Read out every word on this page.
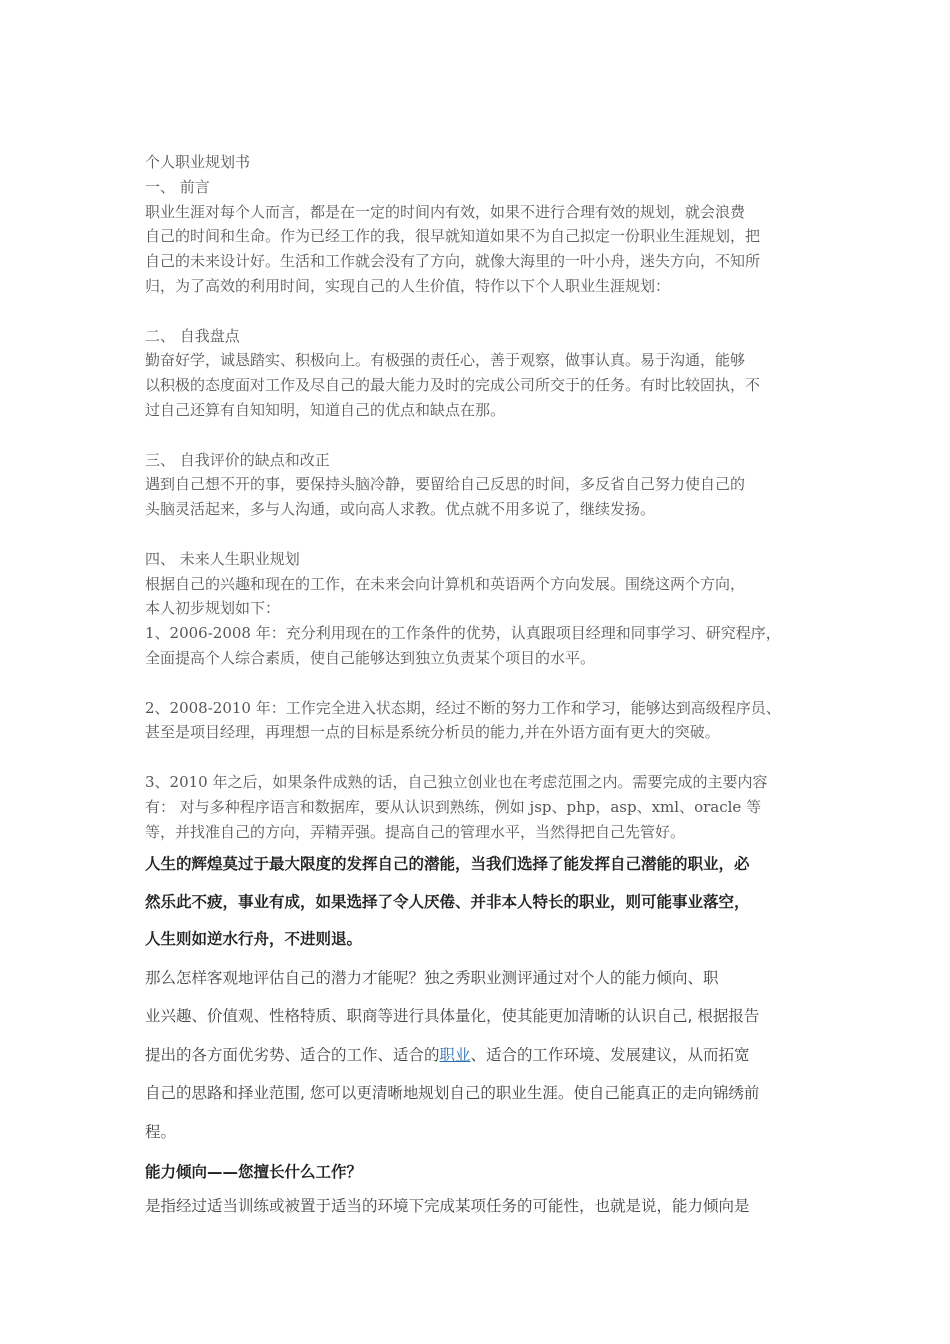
个人职业规划书

一、 前言

职业生涯对每个人而言，都是在一定的时间内有效，如果不进行合理有效的规划，就会浪费

自己的时间和生命。作为已经工作的我，很早就知道如果不为自己拟定一份职业生涯规划，把

自己的未来设计好。生活和工作就会没有了方向，就像大海里的一叶小舟，迷失方向，不知所

归，为了高效的利用时间，实现自己的人生价值，特作以下个人职业生涯规划：

二、 自我盘点

勤奋好学，诚恳踏实、积极向上。有极强的责任心，善于观察，做事认真。易于沟通，能够

以积极的态度面对工作及尽自己的最大能力及时的完成公司所交于的任务。有时比较固执，不

过自己还算有自知知明，知道自己的优点和缺点在那。

三、 自我评价的缺点和改正

遇到自己想不开的事，要保持头脑冷静，要留给自己反思的时间，多反省自己努力使自己的

头脑灵活起来，多与人沟通，或向高人求教。优点就不用多说了，继续发扬。

四、 未来人生职业规划

根据自己的兴趣和现在的工作，在未来会向计算机和英语两个方向发展。围绕这两个方向，

本人初步规划如下：

1、2006-2008 年：充分利用现在的工作条件的优势，认真跟项目经理和同事学习、研究程序，

全面提高个人综合素质，使自己能够达到独立负责某个项目的水平。

2、2008-2010 年：工作完全进入状态期，经过不断的努力工作和学习，能够达到高级程序员、

甚至是项目经理，再理想一点的目标是系统分析员的能力,并在外语方面有更大的突破。

3、2010 年之后，如果条件成熟的话，自己独立创业也在考虑范围之内。需要完成的主要内容

有： 对与多种程序语言和数据库，要从认识到熟练，例如 jsp、php，asp、xml、oracle 等

等，并找准自己的方向，弄精弄强。提高自己的管理水平，当然得把自己先管好。

人生的辉煌莫过于最大限度的发挥自己的潜能，当我们选择了能发挥自己潜能的职业，必

然乐此不疲，事业有成，如果选择了令人厌倦、并非本人特长的职业，则可能事业落空，

人生则如逆水行舟，不进则退。

那么怎样客观地评估自己的潜力才能呢？独之秀职业测评通过对个人的能力倾向、职

业兴趣、价值观、性格特质、职商等进行具体量化，使其能更加清晰的认识自己, 根据报告

提出的各方面优劣势、适合的工作、适合的职业、适合的工作环境、发展建议，从而拓宽

自己的思路和择业范围, 您可以更清晰地规划自己的职业生涯。使自己能真正的走向锦绣前

程。

能力倾向——您擅长什么工作？

是指经过适当训练或被置于适当的环境下完成某项任务的可能性，也就是说，能力倾向是
